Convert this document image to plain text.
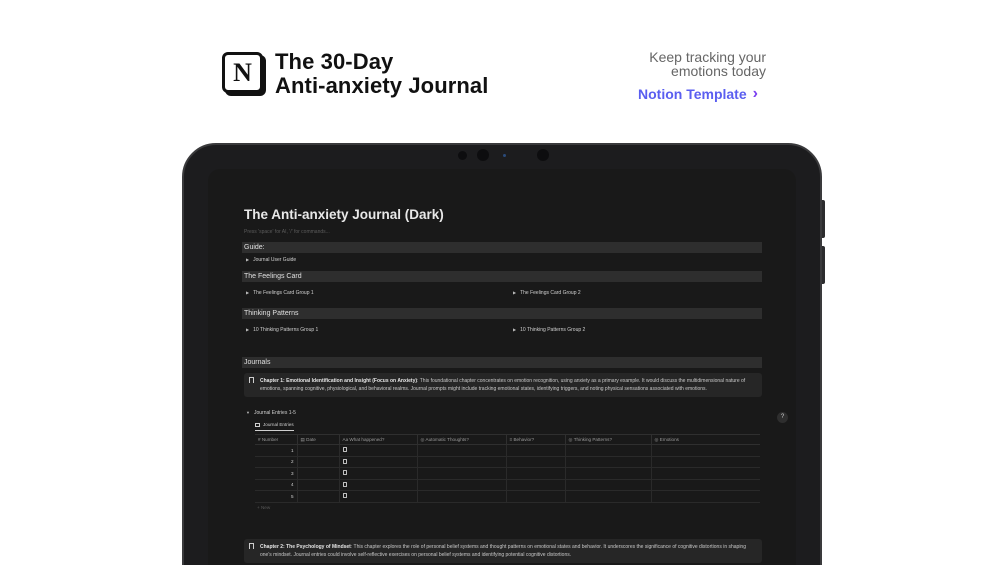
N The 30-Day
Anti-anxiety Journal
Keep tracking your
emotions today
Notion Template ›
The Anti-anxiety Journal (Dark)
Press 'space' for AI, '/' for commands...
Guide:
▶ Journal User Guide
The Feelings Card
▶ The Feelings Card Group 1	▶ The Feelings Card Group 2
Thinking Patterns
▶ 10 Thinking Patterns Group 1	▶ 10 Thinking Patterns Group 2
Journals
Chapter 1: Emotional Identification and Insight (Focus on Anxiety): This foundational chapter concentrates on emotion recognition, using anxiety as a primary example. It would discuss the multidimensional nature of emotions, spanning cognitive, physiological, and behavioral realms. Journal prompts might include tracking emotional states, identifying triggers, and noting physical sensations associated with emotions.
▼ Journal Entries 1-5
Journal Entries
# Number	▤ Date	Aa What happened?	◎ Automatic Thoughts?	≡ Behavior?	◎ Thinking Patterns?	◎ Emotions
1						
2						
3						
4						
5						
+ New
Chapter 2: The Psychology of Mindset: This chapter explores the role of personal belief systems and thought patterns on emotional states and behavior. It underscores the significance of cognitive distortions in shaping one's mindset. Journal entries could involve self-reflective exercises on personal belief systems and identifying potential cognitive distortions.
?
